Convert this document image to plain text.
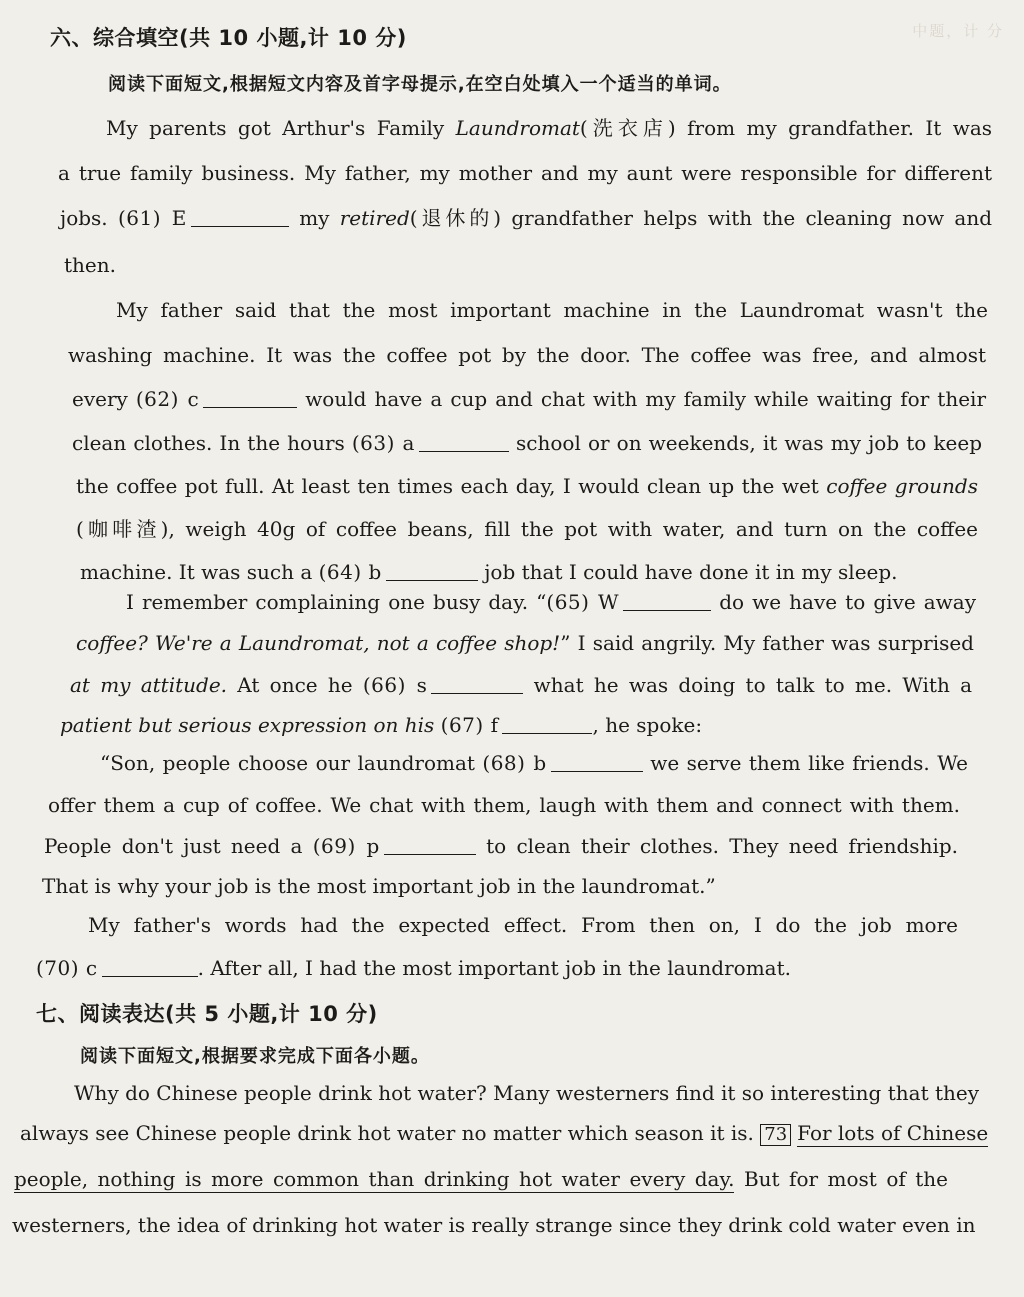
中题，计 分
六、综合填空(共 10 小题,计 10 分)
阅读下面短文,根据短文内容及首字母提示,在空白处填入一个适当的单词。
My parents got Arthur's Family Laundromat(洗衣店) from my grandfather. It was
a true family business. My father, my mother and my aunt were responsible for different
jobs. (61) E	my retired(退休的) grandfather helps with the cleaning now and
then.
My father said that the most important machine in the Laundromat wasn't the
washing machine. It was the coffee pot by the door. The coffee was free, and almost
every (62) c	would have a cup and chat with my family while waiting for their
clean clothes. In the hours (63) a	school or on weekends, it was my job to keep
the coffee pot full. At least ten times each day, I would clean up the wet coffee grounds
(咖啡渣), weigh 40g of coffee beans, fill the pot with water, and turn on the coffee
machine. It was such a (64) b	job that I could have done it in my sleep.
I remember complaining one busy day. “(65) W	do we have to give away
coffee? We're a Laundromat, not a coffee shop!” I said angrily. My father was surprised
at my attitude. At once he (66) s	what he was doing to talk to me. With a
patient but serious expression on his (67) f	, he spoke:
“Son, people choose our laundromat (68) b	we serve them like friends. We
offer them a cup of coffee. We chat with them, laugh with them and connect with them.
People don't just need a (69) p	to clean their clothes. They need friendship.
That is why your job is the most important job in the laundromat.”
My father's words had the expected effect. From then on, I do the job more
(70) c	. After all, I had the most important job in the laundromat.
七、阅读表达(共 5 小题,计 10 分)
阅读下面短文,根据要求完成下面各小题。
Why do Chinese people drink hot water? Many westerners find it so interesting that they
always see Chinese people drink hot water no matter which season it is. 73 For lots of Chinese
people, nothing is more common than drinking hot water every day. But for most of the
westerners, the idea of drinking hot water is really strange since they drink cold water even in
